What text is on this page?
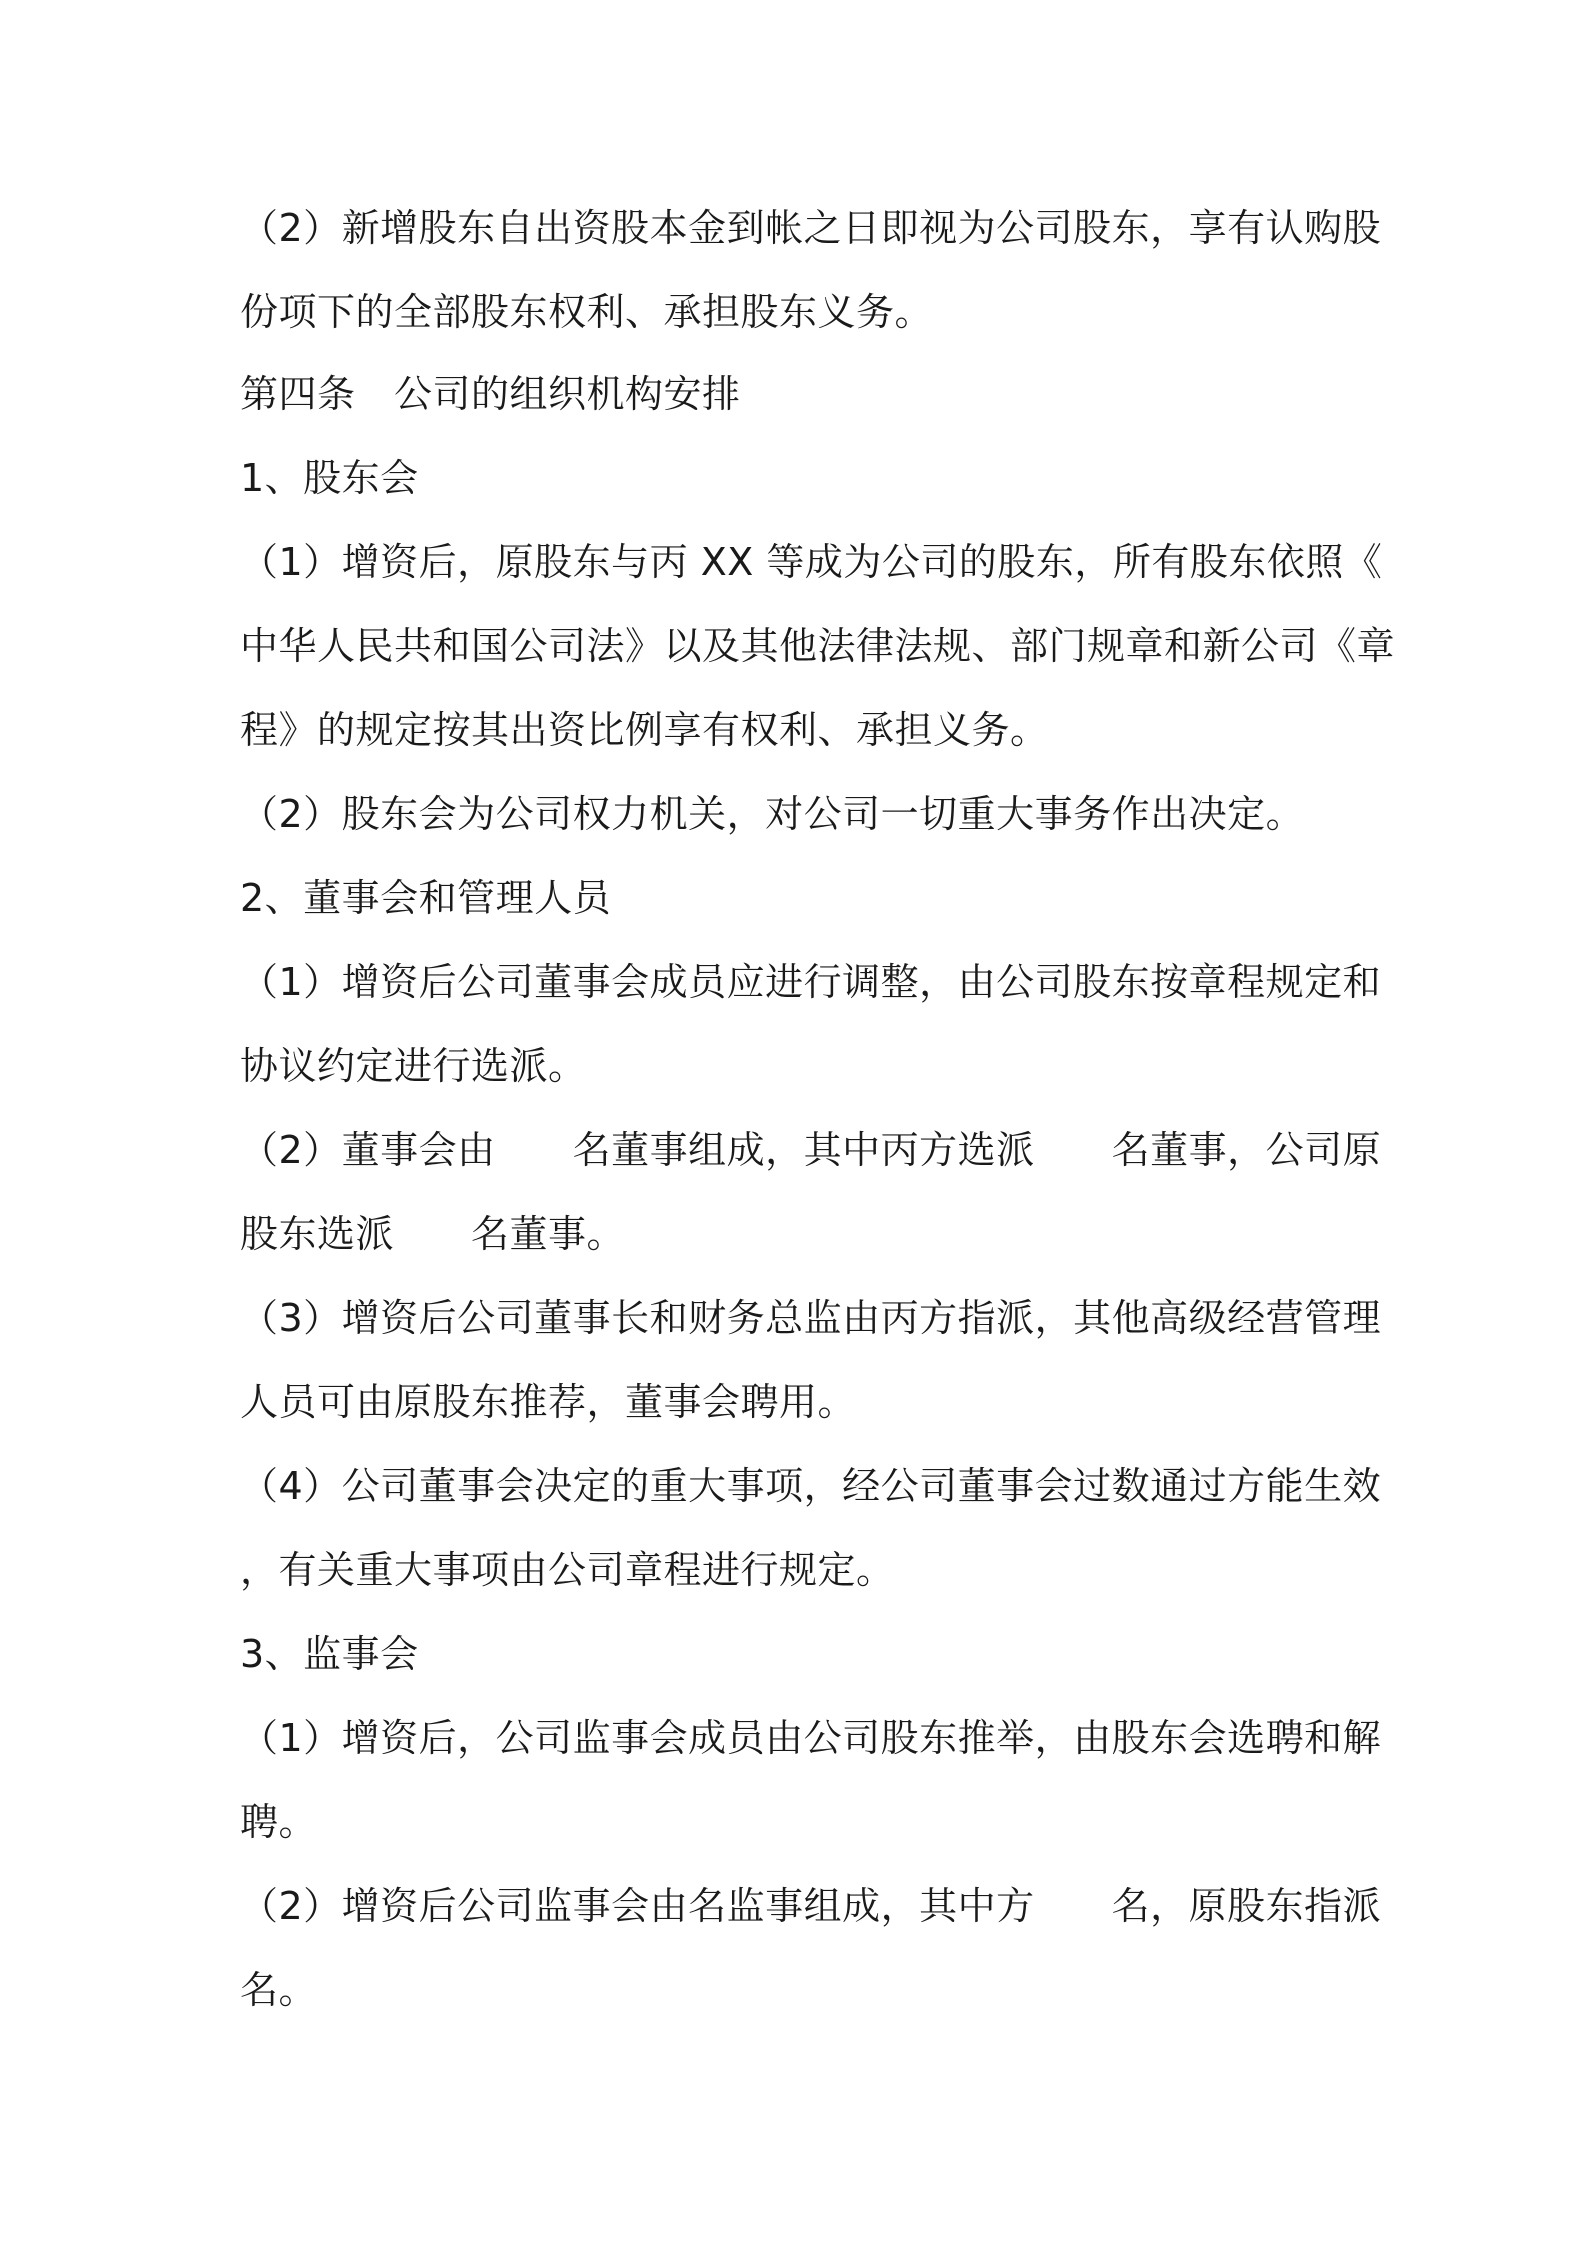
（2）新增股东自出资股本金到帐之日即视为公司股东，享有认购股
份项下的全部股东权利、承担股东义务。
第四条　公司的组织机构安排
1、股东会
（1）增资后，原股东与丙 XX 等成为公司的股东，所有股东依照《
中华人民共和国公司法》以及其他法律法规、部门规章和新公司《章
程》的规定按其出资比例享有权利、承担义务。
（2）股东会为公司权力机关，对公司一切重大事务作出决定。
2、董事会和管理人员
（1）增资后公司董事会成员应进行调整，由公司股东按章程规定和
协议约定进行选派。
（2）董事会由　　名董事组成，其中丙方选派　　名董事，公司原
股东选派　　名董事。
（3）增资后公司董事长和财务总监由丙方指派，其他高级经营管理
人员可由原股东推荐，董事会聘用。
（4）公司董事会决定的重大事项，经公司董事会过数通过方能生效
，有关重大事项由公司章程进行规定。
3、监事会
（1）增资后，公司监事会成员由公司股东推举，由股东会选聘和解
聘。
（2）增资后公司监事会由名监事组成，其中方　　名，原股东指派
名。
